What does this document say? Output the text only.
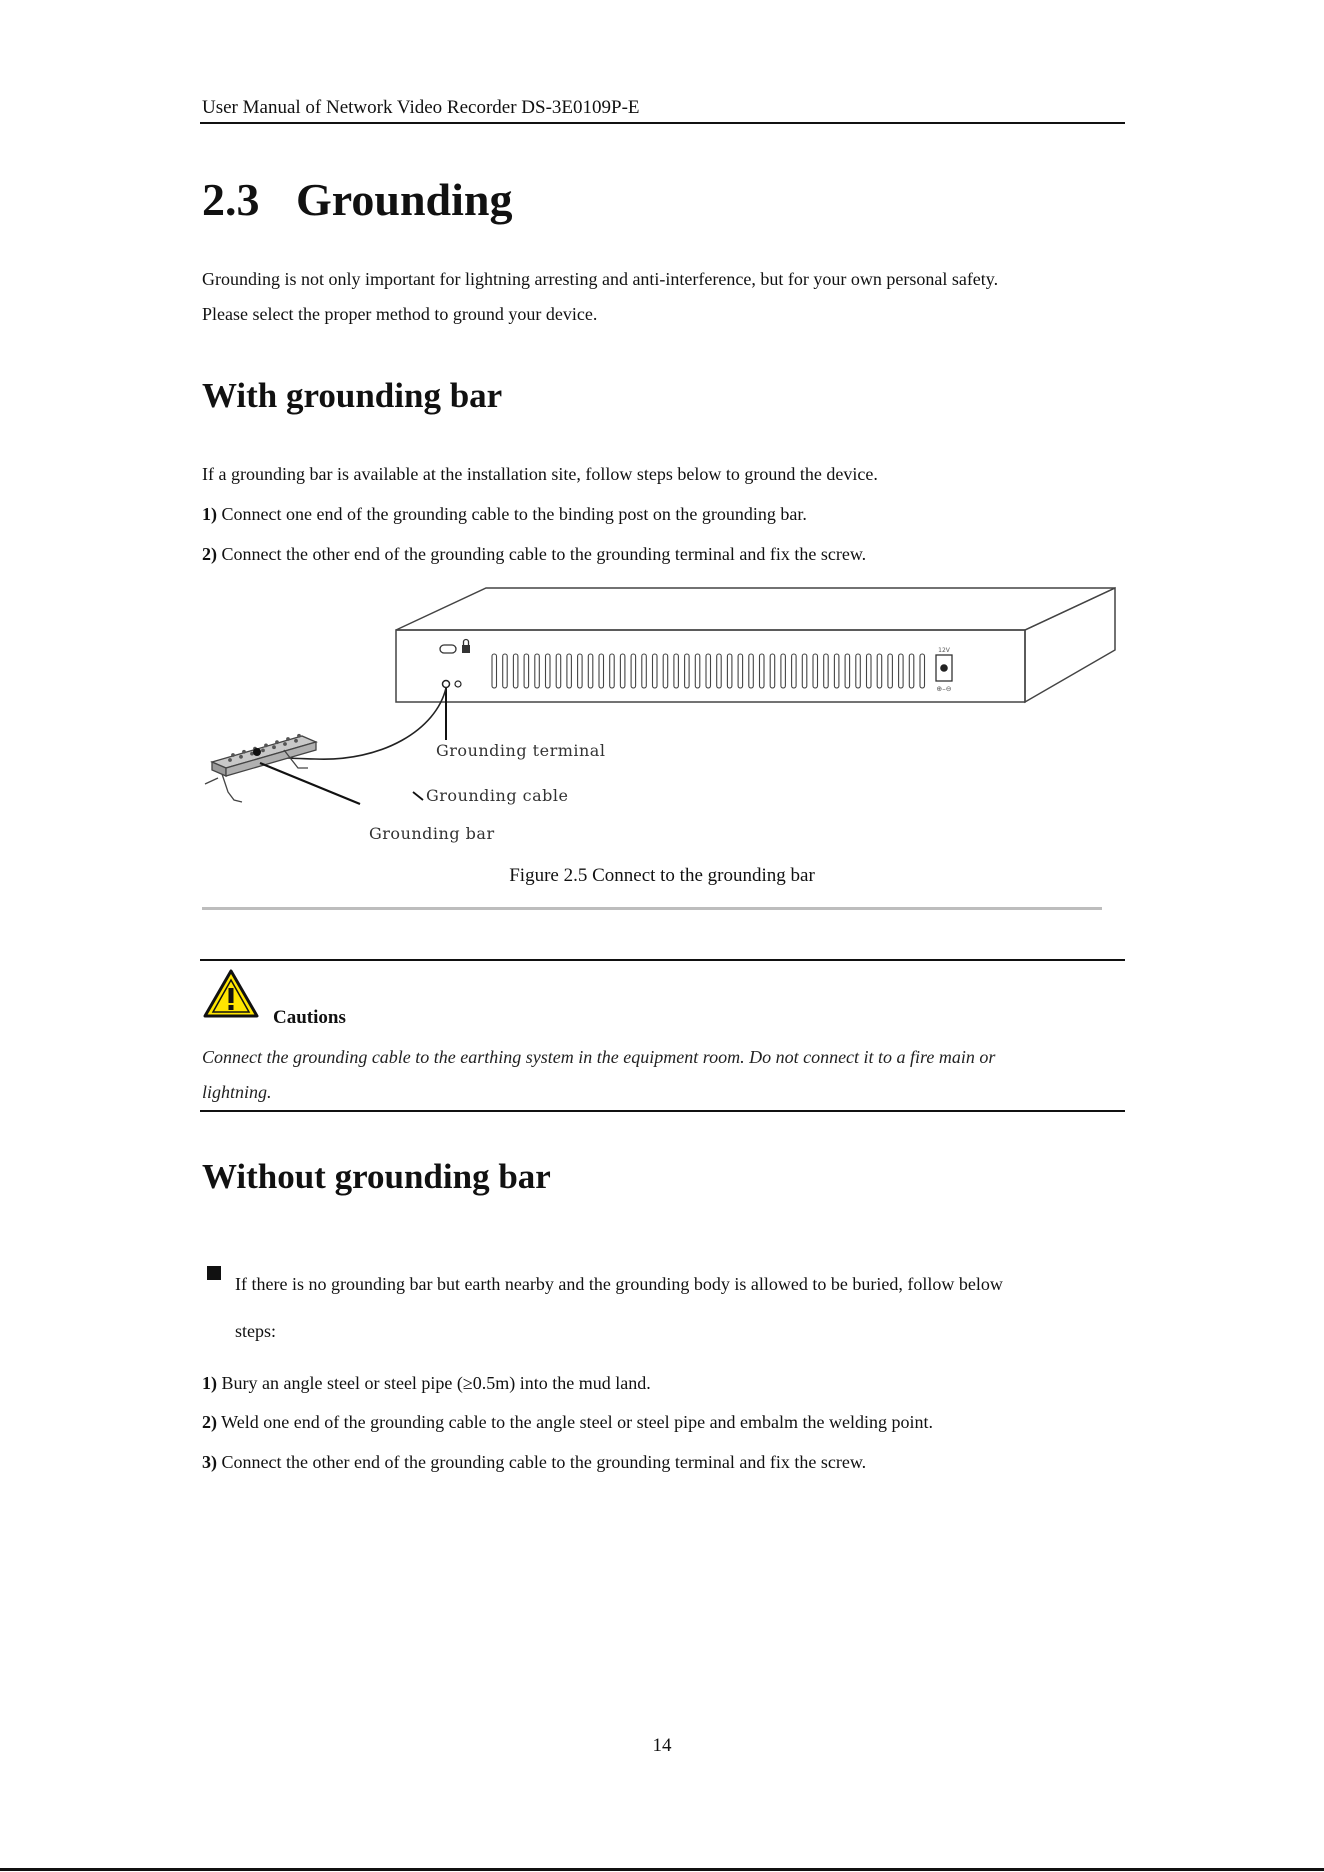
User Manual of Network Video Recorder DS-3E0109P-E
2.3 Grounding
Grounding is not only important for lightning arresting and anti-interference, but for your own personal safety.
Please select the proper method to ground your device.
With grounding bar
If a grounding bar is available at the installation site, follow steps below to ground the device.
1) Connect one end of the grounding cable to the binding post on the grounding bar.
2) Connect the other end of the grounding cable to the grounding terminal and fix the screw.
12V
⊕–⊖
Grounding terminal
Grounding cable
Grounding bar
Figure 2.5 Connect to the grounding bar
Cautions
Connect the grounding cable to the earthing system in the equipment room. Do not connect it to a fire main or
lightning.
Without grounding bar
If there is no grounding bar but earth nearby and the grounding body is allowed to be buried, follow below
steps:
1) Bury an angle steel or steel pipe (≥0.5m) into the mud land.
2) Weld one end of the grounding cable to the angle steel or steel pipe and embalm the welding point.
3) Connect the other end of the grounding cable to the grounding terminal and fix the screw.
14
